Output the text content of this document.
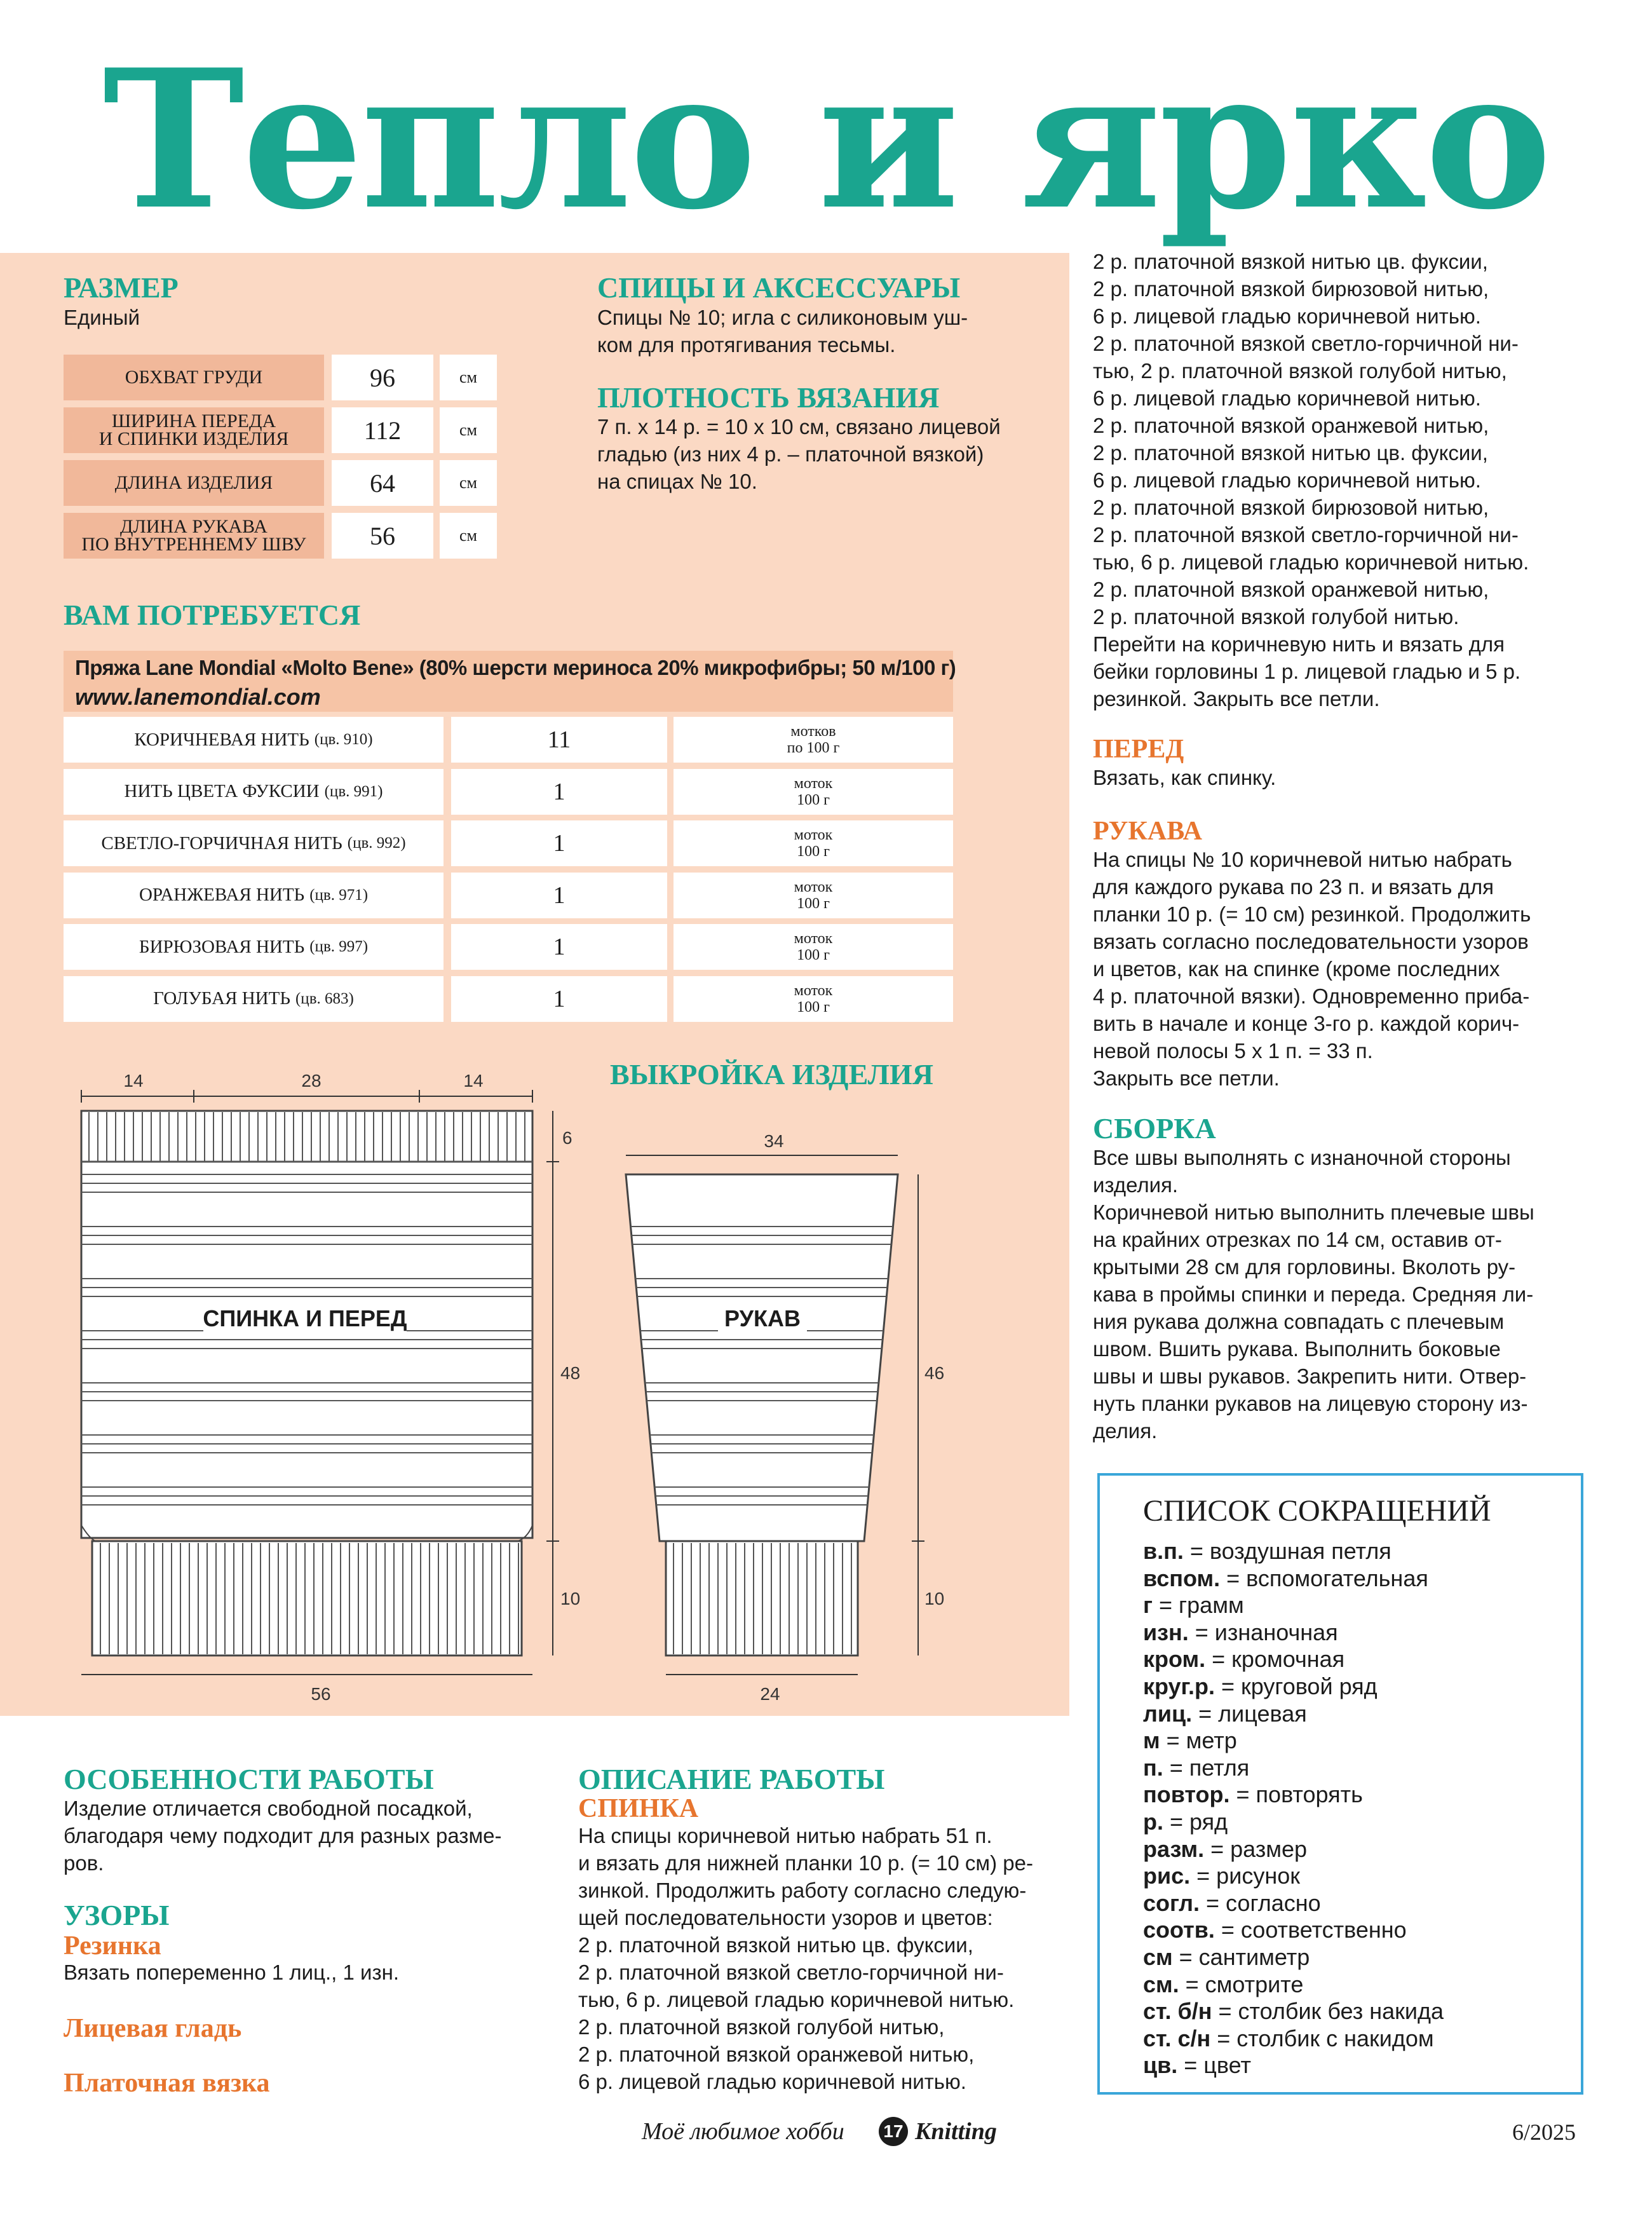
Тепло и ярко
РАЗМЕР
Единый
ОБХВАТ ГРУДИ	96	см
ШИРИНА ПЕРЕДА
И СПИНКИ ИЗДЕЛИЯ	112	см
ДЛИНА ИЗДЕЛИЯ	64	см
ДЛИНА РУКАВА
ПО ВНУТРЕННЕМУ ШВУ	56	см
СПИЦЫ И АКСЕССУАРЫ
Спицы № 10; игла с силиконовым уш-
ком для протягивания тесьмы.
ПЛОТНОСТЬ ВЯЗАНИЯ
7 п. х 14 р. = 10 х 10 см, связано лицевой
гладью (из них 4 р. – платочной вязкой)
на спицах № 10.
ВАМ ПОТРЕБУЕТСЯ
Пряжа Lane Mondial «Molto Bene» (80% шерсти мериноса 20% микрофибры; 50 м/100 г)
www.lanemondial.com
КОРИЧНЕВАЯ НИТЬ (цв. 910)	11	мотков
по 100 г
НИТЬ ЦВЕТА ФУКСИИ (цв. 991)	1	моток
100 г
СВЕТЛО-ГОРЧИЧНАЯ НИТЬ (цв. 992)	1	моток
100 г
ОРАНЖЕВАЯ НИТЬ (цв. 971)	1	моток
100 г
БИРЮЗОВАЯ НИТЬ (цв. 997)	1	моток
100 г
ГОЛУБАЯ НИТЬ (цв. 683)	1	моток
100 г
ВЫКРОЙКА ИЗДЕЛИЯ
14	28	14
6
48
10
56
34
46
10
24
СПИНКА И ПЕРЕД	РУКАВ
ОСОБЕННОСТИ РАБОТЫ
Изделие отличается свободной посадкой,
благодаря чему подходит для разных разме-
ров.
УЗОРЫ
Резинка
Вязать попеременно 1 лиц., 1 изн.
Лицевая гладь
Платочная вязка
ОПИСАНИЕ РАБОТЫ
СПИНКА
На спицы коричневой нитью набрать 51 п.
и вязать для нижней планки 10 р. (= 10 см) ре-
зинкой. Продолжить работу согласно следую-
щей последовательности узоров и цветов:
2 р. платочной вязкой нитью цв. фуксии,
2 р. платочной вязкой светло-горчичной ни-
тью, 6 р. лицевой гладью коричневой нитью.
2 р. платочной вязкой голубой нитью,
2 р. платочной вязкой оранжевой нитью,
6 р. лицевой гладью коричневой нитью.
2 р. платочной вязкой нитью цв. фуксии,
2 р. платочной вязкой бирюзовой нитью,
6 р. лицевой гладью коричневой нитью.
2 р. платочной вязкой светло-горчичной ни-
тью, 2 р. платочной вязкой голубой нитью,
6 р. лицевой гладью коричневой нитью.
2 р. платочной вязкой оранжевой нитью,
2 р. платочной вязкой нитью цв. фуксии,
6 р. лицевой гладью коричневой нитью.
2 р. платочной вязкой бирюзовой нитью,
2 р. платочной вязкой светло-горчичной ни-
тью, 6 р. лицевой гладью коричневой нитью.
2 р. платочной вязкой оранжевой нитью,
2 р. платочной вязкой голубой нитью.
Перейти на коричневую нить и вязать для
бейки горловины 1 р. лицевой гладью и 5 р.
резинкой. Закрыть все петли.
ПЕРЕД
Вязать, как спинку.
РУКАВА
На спицы № 10 коричневой нитью набрать
для каждого рукава по 23 п. и вязать для
планки 10 р. (= 10 см) резинкой. Продолжить
вязать согласно последовательности узоров
и цветов, как на спинке (кроме последних
4 р. платочной вязки). Одновременно приба-
вить в начале и конце 3-го р. каждой корич-
невой полосы 5 х 1 п. = 33 п.
Закрыть все петли.
СБОРКА
Все швы выполнять с изнаночной стороны
изделия.
Коричневой нитью выполнить плечевые швы
на крайних отрезках по 14 см, оставив от-
крытыми 28 см для горловины. Вколоть ру-
кава в проймы спинки и переда. Средняя ли-
ния рукава должна совпадать с плечевым
швом. Вшить рукава. Выполнить боковые
швы и швы рукавов. Закрепить нити. Отвер-
нуть планки рукавов на лицевую сторону из-
делия.
СПИСОК СОКРАЩЕНИЙ
в.п. = воздушная петля
вспом. = вспомогательная
г = грамм
изн. = изнаночная
кром. = кромочная
круг.р. = круговой ряд
лиц. = лицевая
м = метр
п. = петля
повтор. = повторять
р. = ряд
разм. = размер
рис. = рисунок
согл. = согласно
соотв. = соответственно
см = сантиметр
см. = смотрите
ст. б/н = столбик без накида
ст. с/н = столбик с накидом
цв. = цвет
Моё любимое хобби 17 Knitting	6/2025
